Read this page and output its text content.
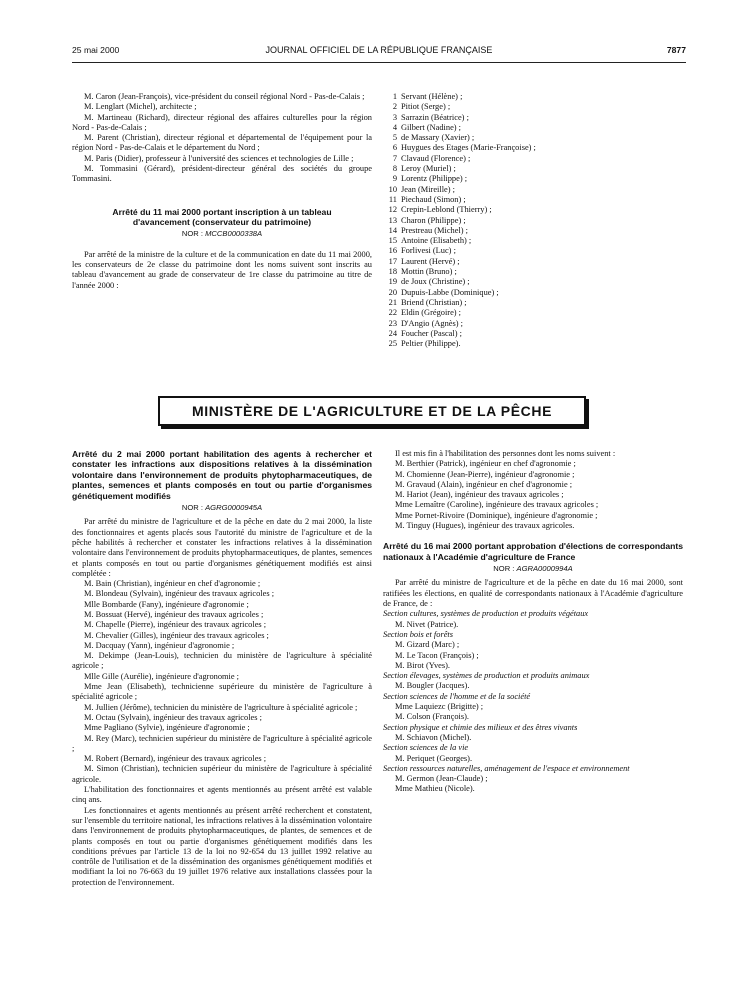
25 mai 2000	JOURNAL OFFICIEL DE LA RÉPUBLIQUE FRANÇAISE	7877

M. Caron (Jean-François), vice-président du conseil régional Nord - Pas-de-Calais ;

M. Lenglart (Michel), architecte ;

M. Martineau (Richard), directeur régional des affaires culturelles pour la région Nord - Pas-de-Calais ;

M. Parent (Christian), directeur régional et départemental de l'équipement pour la région Nord - Pas-de-Calais et le département du Nord ;

M. Paris (Didier), professeur à l'université des sciences et technologies de Lille ;

M. Tommasini (Gérard), président-directeur général des sociétés du groupe Tommasini.

Arrêté du 11 mai 2000 portant inscription à un tableau d'avancement (conservateur du patrimoine)

NOR : MCCB0000338A

Par arrêté de la ministre de la culture et de la communication en date du 11 mai 2000, les conservateurs de 2e classe du patrimoine dont les noms suivent sont inscrits au tableau d'avancement au grade de conservateur de 1re classe du patrimoine au titre de l'année 2000 :

1 Servant (Hélène) ;
2 Pitiot (Serge) ;
3 Sarrazin (Béatrice) ;
4 Gilbert (Nadine) ;
5 de Massary (Xavier) ;
6 Huygues des Etages (Marie-Françoise) ;
7 Clavaud (Florence) ;
8 Leroy (Muriel) ;
9 Lorentz (Philippe) ;
10 Jean (Mireille) ;
11 Piechaud (Simon) ;
12 Crepin-Leblond (Thierry) ;
13 Charon (Philippe) ;
14 Prestreau (Michel) ;
15 Antoine (Elisabeth) ;
16 Forlivesi (Luc) ;
17 Laurent (Hervé) ;
18 Mottin (Bruno) ;
19 de Joux (Christine) ;
20 Dupuis-Labbe (Dominique) ;
21 Briend (Christian) ;
22 Eldin (Grégoire) ;
23 D'Angio (Agnès) ;
24 Foucher (Pascal) ;
25 Peltier (Philippe).
MINISTÈRE DE L'AGRICULTURE ET DE LA PÊCHE

Arrêté du 2 mai 2000 portant habilitation des agents à rechercher et constater les infractions aux dispositions relatives à la dissémination volontaire dans l'environnement de produits phytopharmaceutiques, de plantes, semences et plants composés en tout ou partie d'organismes génétiquement modifiés

NOR : AGRG0000945A

Par arrêté du ministre de l'agriculture et de la pêche en date du 2 mai 2000, la liste des fonctionnaires et agents placés sous l'autorité du ministre de l'agriculture et de la pêche habilités à rechercher et constater les infractions relatives à la dissémination volontaire dans l'environnement de produits phytopharmaceutiques, de plantes, semences et plants composés en tout ou partie d'organismes génétiquement modifiés est ainsi complétée :

M. Bain (Christian), ingénieur en chef d'agronomie ;

M. Blondeau (Sylvain), ingénieur des travaux agricoles ;

Mlle Bombarde (Fany), ingénieure d'agronomie ;

M. Bossuat (Hervé), ingénieur des travaux agricoles ;

M. Chapelle (Pierre), ingénieur des travaux agricoles ;

M. Chevalier (Gilles), ingénieur des travaux agricoles ;

M. Dacquay (Yann), ingénieur d'agronomie ;

M. Dekimpe (Jean-Louis), technicien du ministère de l'agriculture à spécialité agricole ;

Mlle Gille (Aurélie), ingénieure d'agronomie ;

Mme Jean (Elisabeth), technicienne supérieure du ministère de l'agriculture à spécialité agricole ;

M. Jullien (Jérôme), technicien du ministère de l'agriculture à spécialité agricole ;

M. Octau (Sylvain), ingénieur des travaux agricoles ;

Mme Pagliano (Sylvie), ingénieure d'agronomie ;

M. Rey (Marc), technicien supérieur du ministère de l'agriculture à spécialité agricole ;

M. Robert (Bernard), ingénieur des travaux agricoles ;

M. Simon (Christian), technicien supérieur du ministère de l'agriculture à spécialité agricole.

L'habilitation des fonctionnaires et agents mentionnés au présent arrêté est valable cinq ans.

Les fonctionnaires et agents mentionnés au présent arrêté recherchent et constatent, sur l'ensemble du territoire national, les infractions relatives à la dissémination volontaire dans l'environnement de produits phytopharmaceutiques, de plantes, de semences et de plants composés en tout ou partie d'organismes génétiquement modifiés dans les conditions prévues par l'article 13 de la loi no 92-654 du 13 juillet 1992 relative au contrôle de l'utilisation et de la dissémination des organismes génétiquement modifiés et modifiant la loi no 76-663 du 19 juillet 1976 relative aux installations classées pour la protection de l'environnement.

Il est mis fin à l'habilitation des personnes dont les noms suivent :

M. Berthier (Patrick), ingénieur en chef d'agronomie ;

M. Chomienne (Jean-Pierre), ingénieur d'agronomie ;

M. Gravaud (Alain), ingénieur en chef d'agronomie ;

M. Hariot (Jean), ingénieur des travaux agricoles ;

Mme Lemaître (Caroline), ingénieure des travaux agricoles ;

Mme Pornet-Rivoire (Dominique), ingénieure d'agronomie ;

M. Tinguy (Hugues), ingénieur des travaux agricoles.

Arrêté du 16 mai 2000 portant approbation d'élections de correspondants nationaux à l'Académie d'agriculture de France

NOR : AGRA0000994A

Par arrêté du ministre de l'agriculture et de la pêche en date du 16 mai 2000, sont ratifiées les élections, en qualité de correspondants nationaux à l'Académie d'agriculture de France, de :

Section cultures, systèmes de production et produits végétaux

M. Nivet (Patrice).

Section bois et forêts

M. Gizard (Marc) ;

M. Le Tacon (François) ;

M. Birot (Yves).

Section élevages, systèmes de production et produits animaux

M. Bougler (Jacques).

Section sciences de l'homme et de la société

Mme Laquiezc (Brigitte) ;

M. Colson (François).

Section physique et chimie des milieux et des êtres vivants

M. Schiavon (Michel).

Section sciences de la vie

M. Periquet (Georges).

Section ressources naturelles, aménagement de l'espace et environnement

M. Germon (Jean-Claude) ;

Mme Mathieu (Nicole).
